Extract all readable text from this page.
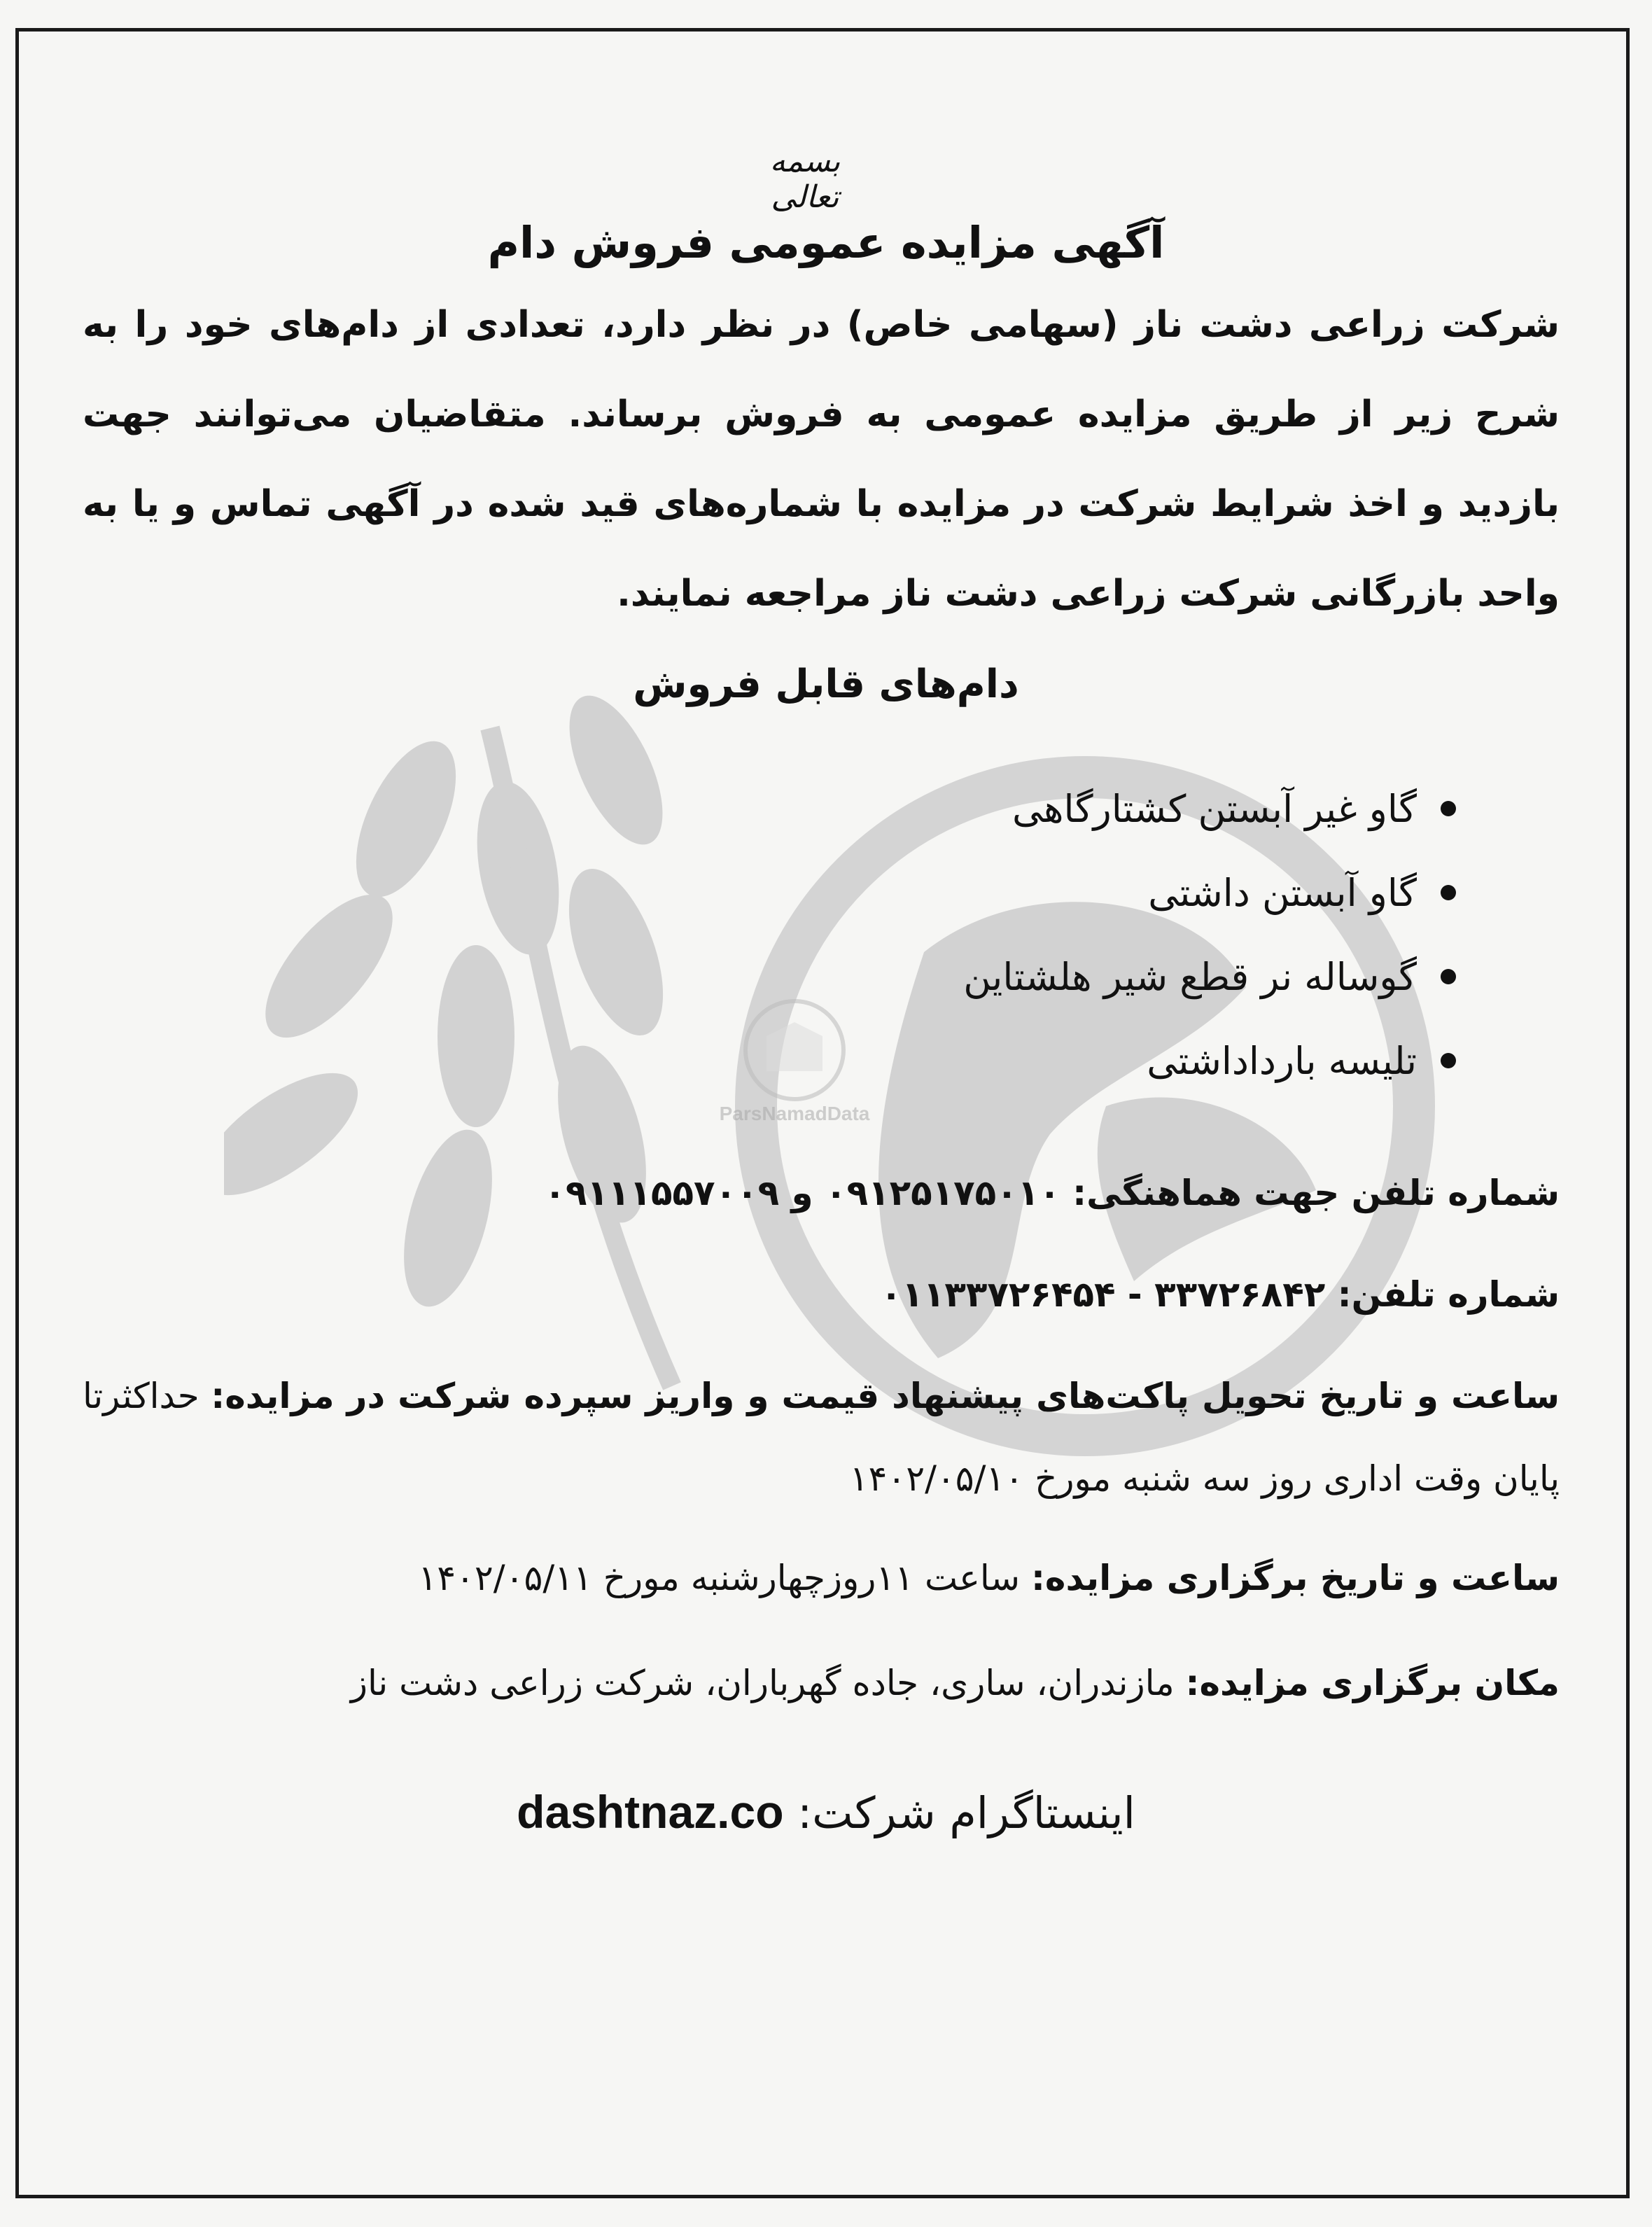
بسمه تعالی
آگهی مزایده عمومی فروش دام
شرکت زراعی دشت ناز (سهامی خاص) در نظر دارد، تعدادی از دام‌های خود را به شرح زیر از طریق مزایده عمومی به فروش برساند. متقاضیان می‌توانند جهت بازدید و اخذ شرایط شرکت در مزایده با شماره‌های قید شده در آگهی تماس و یا به واحد بازرگانی شرکت زراعی دشت ناز مراجعه نمایند.
دام‌های قابل فروش
گاو غیر آبستن کشتارگاهی
گاو آبستن داشتی
گوساله نر قطع شیر هلشتاین
تلیسه بارداداشتی
ParsNamadData
شماره تلفن جهت هماهنگی: ۰۹۱۲۵۱۷۵۰۱۰ و ۰۹۱۱۱۵۵۷۰۰۹
شماره تلفن: ۳۳۷۲۶۸۴۲ - ۰۱۱۳۳۷۲۶۴۵۴
ساعت و تاریخ تحویل پاکت‌های پیشنهاد قیمت و واریز سپرده شرکت در مزایده: حداکثرتا پایان وقت اداری روز سه شنبه مورخ ۱۴۰۲/۰۵/۱۰
ساعت و تاریخ برگزاری مزایده: ساعت ۱۱روزچهارشنبه مورخ ۱۴۰۲/۰۵/۱۱
مکان برگزاری مزایده: مازندران، ساری، جاده گهرباران، شرکت زراعی دشت ناز
اینستاگرام شرکت: dashtnaz.co
